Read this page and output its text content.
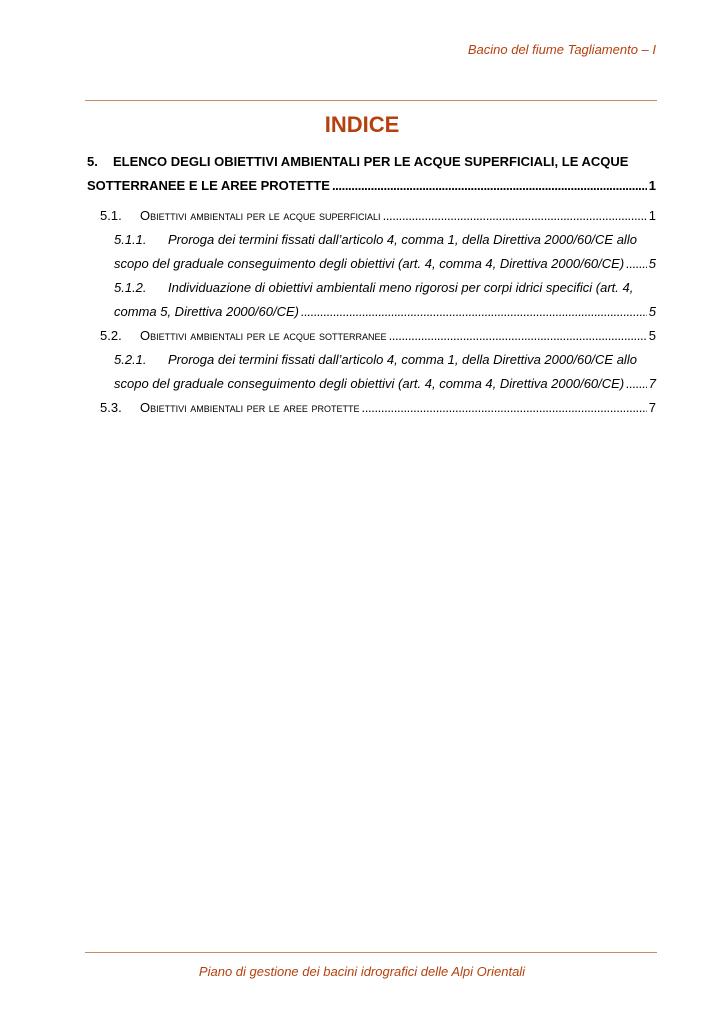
Bacino del fiume Tagliamento – I
INDICE
5.	ELENCO DEGLI OBIETTIVI AMBIENTALI PER LE ACQUE SUPERFICIALI, LE ACQUE
SOTTERRANEE E LE AREE PROTETTE . . .	1
5.1.	Obiettivi ambientali per le acque superficiali . . .	1
5.1.1.	Proroga dei termini fissati dall’articolo 4, comma 1, della Direttiva 2000/60/CE allo
scopo del graduale conseguimento degli obiettivi (art. 4, comma 4, Direttiva 2000/60/CE) . . . 5
5.1.2.	Individuazione di obiettivi ambientali meno rigorosi per corpi idrici specifici (art. 4,
comma 5, Direttiva 2000/60/CE) . . .	5
5.2.	Obiettivi ambientali per le acque sotterranee . . .	5
5.2.1.	Proroga dei termini fissati dall’articolo 4, comma 1, della Direttiva 2000/60/CE allo
scopo del graduale conseguimento degli obiettivi (art. 4, comma 4, Direttiva 2000/60/CE) . . . 7
5.3.	Obiettivi ambientali per le aree protette . . .	7
Piano di gestione dei bacini idrografici delle Alpi Orientali
